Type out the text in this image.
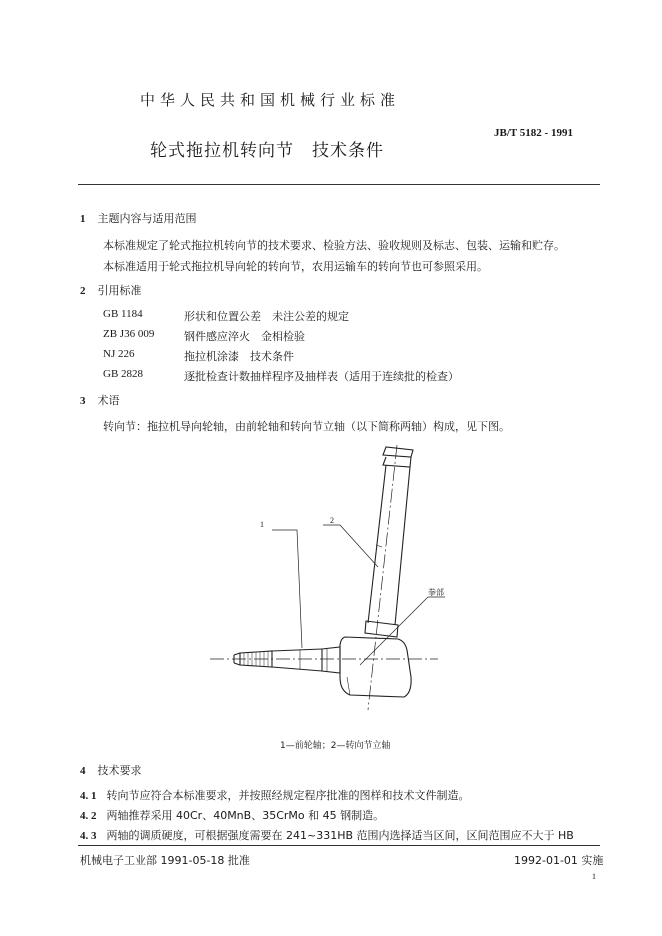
中华人民共和国机械行业标准
轮式拖拉机转向节　技术条件
JB/T 5182 - 1991
1 主题内容与适用范围
本标准规定了轮式拖拉机转向节的技术要求、检验方法、验收规则及标志、包装、运输和贮存。
本标准适用于轮式拖拉机导向轮的转向节，农用运输车的转向节也可参照采用。
2 引用标准
GB 1184	形状和位置公差　未注公差的规定
ZB J36 009	钢件感应淬火　金相检验
NJ 226	拖拉机涂漆　技术条件
GB 2828	逐批检查计数抽样程序及抽样表（适用于连续批的检查）
3 术语
转向节：拖拉机导向轮轴，由前轮轴和转向节立轴（以下简称两轴）构成，见下图。
1	2
拳部
1—前轮轴；2—转向节立轴
4 技术要求
4. 1 转向节应符合本标准要求，并按照经规定程序批准的图样和技术文件制造。
4. 2 两轴推荐采用 40Cr、40MnB、35CrMo 和 45 钢制造。
4. 3 两轴的调质硬度，可根据强度需要在 241~331HB 范围内选择适当区间，区间范围应不大于 HB
机械电子工业部 1991-05-18 批准	1992-01-01 实施
1
